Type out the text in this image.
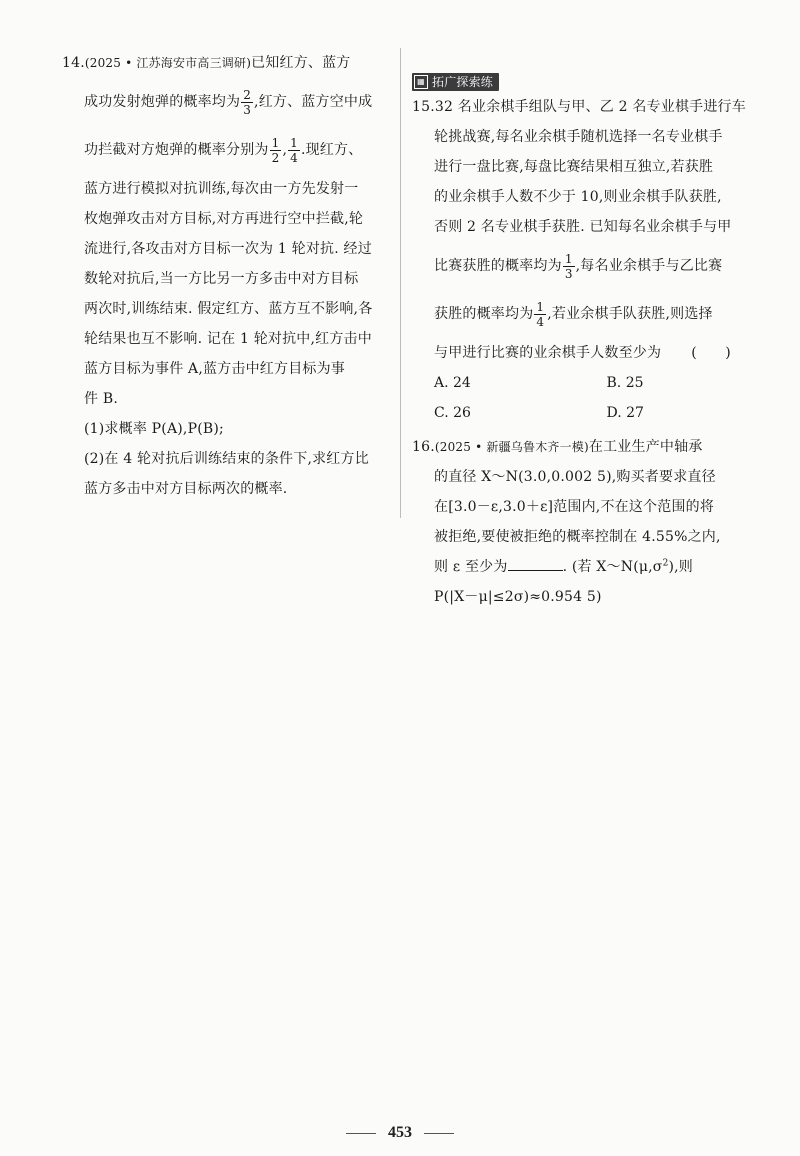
14.(2025 • 江苏海安市高三调研)已知红方、蓝方
成功发射炮弹的概率均为 $\frac{2}{3}$ ,红方、蓝方空中成
功拦截对方炮弹的概率分别为 $\frac{1}{2}$ , $\frac{1}{4}$ .现红方、
蓝方进行模拟对抗训练,每次由一方先发射一
枚炮弹攻击对方目标,对方再进行空中拦截,轮
流进行,各攻击对方目标一次为 1 轮对抗. 经过
数轮对抗后,当一方比另一方多击中对方目标
两次时,训练结束. 假定红方、蓝方互不影响,各
轮结果也互不影响. 记在 1 轮对抗中,红方击中
蓝方目标为事件 A,蓝方击中红方目标为事
件 B.
(1)求概率 P(A),P(B);
(2)在 4 轮对抗后训练结束的条件下,求红方比
蓝方多击中对方目标两次的概率.
▦ 拓广探索练
15.32 名业余棋手组队与甲、乙 2 名专业棋手进行车
轮挑战赛,每名业余棋手随机选择一名专业棋手
进行一盘比赛,每盘比赛结果相互独立,若获胜
的业余棋手人数不少于 10,则业余棋手队获胜,
否则 2 名专业棋手获胜. 已知每名业余棋手与甲
比赛获胜的概率均为 $\frac{1}{3}$ ,每名业余棋手与乙比赛
获胜的概率均为 $\frac{1}{4}$ ,若业余棋手队获胜,则选择
与甲进行比赛的业余棋手人数至少为 (　　)
A. 24	B. 25
C. 26	D. 27
16.(2025 • 新疆乌鲁木齐一模)在工业生产中轴承
的直径 X～N(3.0,0.002 5),购买者要求直径
在[3.0－ε,3.0＋ε]范围内,不在这个范围的将
被拒绝,要使被拒绝的概率控制在 4.55%之内,
则 ε 至少为	. (若 $X\sim N(\mu,\sigma^2)$,则
P(|X－μ|≤2σ)≈0.954 5)
453
